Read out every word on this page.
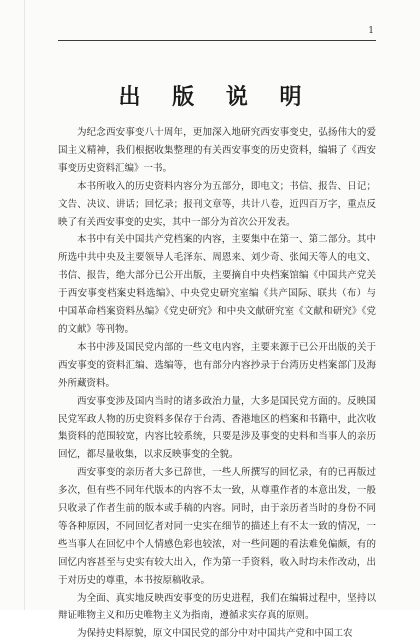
1
出 版 说 明

为纪念西安事变八十周年，更加深入地研究西安事变史，弘扬伟大的爱国主义精神，我们根据收集整理的有关西安事变的历史资料，编辑了《西安事变历史资料汇编》一书。

本书所收入的历史资料内容分为五部分，即电文；书信、报告、日记；文告、决议、讲话；回忆录；报刊文章等，共计八卷，近四百万字，重点反映了有关西安事变的史实，其中一部分为首次公开发表。

本书中有关中国共产党档案的内容，主要集中在第一、第二部分。其中所选中共中央及主要领导人毛泽东、周恩来、刘少奇、张闻天等人的电文、书信、报告，绝大部分已公开出版，主要摘自中央档案馆编《中国共产党关于西安事变档案史料选编》、中央党史研究室编《共产国际、联共（布）与中国革命档案资料丛编》《党史研究》和中央文献研究室《文献和研究》《党的文献》等刊物。

本书中涉及国民党内部的一些文电内容，主要来源于已公开出版的关于西安事变的资料汇编、选编等，也有部分内容抄录于台湾历史档案部门及海外所藏资料。

西安事变涉及国内当时的诸多政治力量，大多是国民党方面的。反映国民党军政人物的历史资料多保存于台湾、香港地区的档案和书籍中，此次收集资料的范围较宽，内容比较系统，只要是涉及事变的史料和当事人的亲历回忆，都尽量收集，以求反映事变的全貌。

西安事变的亲历者大多已辞世，一些人所撰写的回忆录，有的已再版过多次，但有些不同年代版本的内容不太一致，从尊重作者的本意出发，一般只收录了作者生前的版本或手稿的内容。同时，由于亲历者当时的身份不同等各种原因，不同回忆者对同一史实在细节的描述上有不太一致的情况，一些当事人在回忆中个人情感色彩也较浓，对一些问题的看法难免偏颇，有的回忆内容甚至与史实有较大出入，作为第一手资料，收入时均未作改动，出于对历史的尊重，本书按原稿收录。

为全面、真实地反映西安事变的历史进程，我们在编辑过程中，坚持以辩证唯物主义和历史唯物主义为指南，遵循求实存真的原则。

为保持史料原貌，原文中国民党的部分中对中国共产党和中国工农
